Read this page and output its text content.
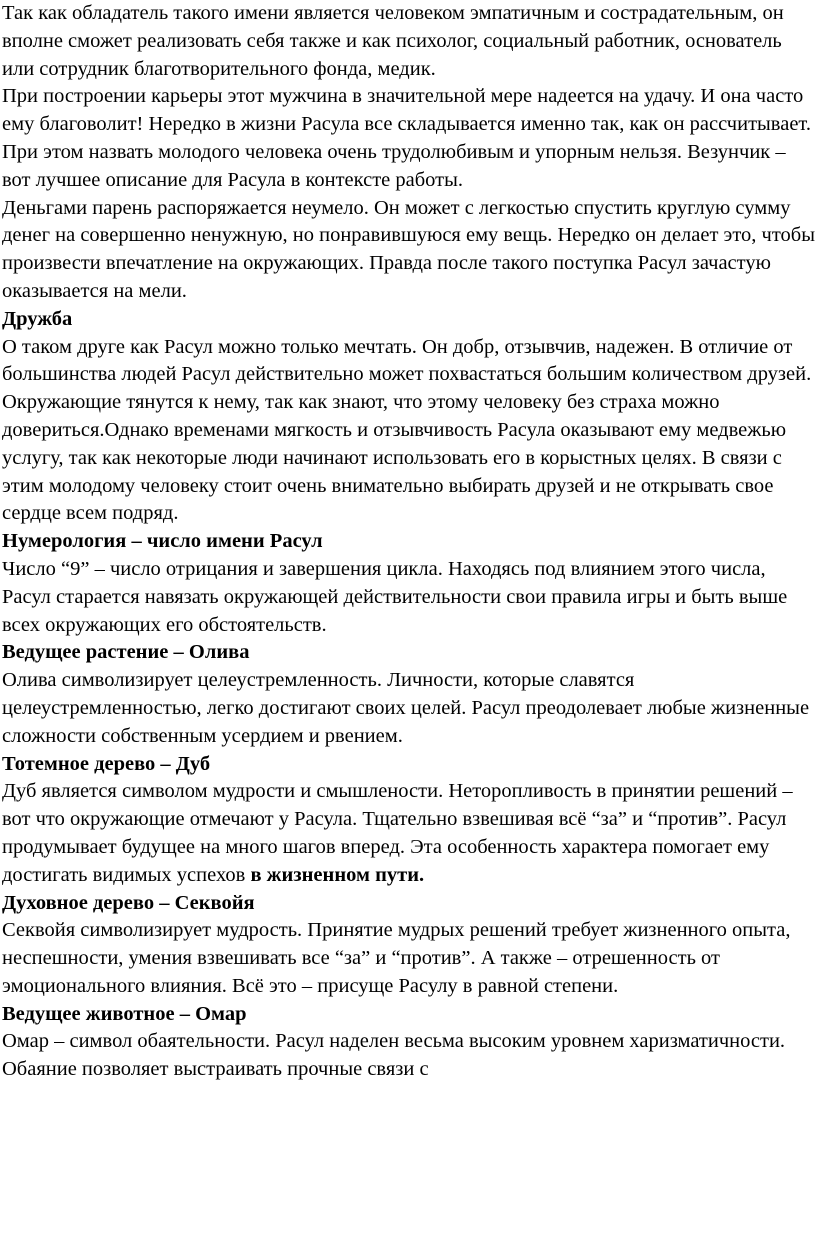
Так как обладатель такого имени является человеком эмпатичным и сострадательным, он вполне сможет реализовать себя также и как психолог, социальный работник, основатель или сотрудник благотворительного фонда, медик.

При построении карьеры этот мужчина в значительной мере надеется на удачу. И она часто ему благоволит! Нередко в жизни Расула все складывается именно так, как он рассчитывает. При этом назвать молодого человека очень трудолюбивым и упорным нельзя. Везунчик – вот лучшее описание для Расула в контексте работы.

Деньгами парень распоряжается неумело. Он может с легкостью спустить круглую сумму денег на совершенно ненужную, но понравившуюся ему вещь. Нередко он делает это, чтобы произвести впечатление на окружающих. Правда после такого поступка Расул зачастую оказывается на мели.

Дружба

О таком друге как Расул можно только мечтать. Он добр, отзывчив, надежен. В отличие от большинства людей Расул действительно может похвастаться большим количеством друзей. Окружающие тянутся к нему, так как знают, что этому человеку без страха можно довериться.Однако временами мягкость и отзывчивость Расула оказывают ему медвежью услугу, так как некоторые люди начинают использовать его в корыстных целях. В связи с этим молодому человеку стоит очень внимательно выбирать друзей и не открывать свое сердце всем подряд.

Нумерология – число имени Расул

Число “9” – число отрицания и завершения цикла. Находясь под влиянием этого числа, Расул старается навязать окружающей действительности свои правила игры и быть выше всех окружающих его обстоятельств.

Ведущее растение – Олива

Олива символизирует целеустремленность. Личности, которые славятся целеустремленностью, легко достигают своих целей. Расул преодолевает любые жизненные сложности собственным усердием и рвением.

Тотемное дерево – Дуб

Дуб является символом мудрости и смышлености. Неторопливость в принятии решений – вот что окружающие отмечают у Расула. Тщательно взвешивая всё “за” и “против”. Расул продумывает будущее на много шагов вперед. Эта особенность характера помогает ему достигать видимых успехов в жизненном пути.

Духовное дерево – Секвойя

Секвойя символизирует мудрость. Принятие мудрых решений требует жизненного опыта, неспешности, умения взвешивать все “за” и “против”. А также – отрешенность от эмоционального влияния. Всё это – присуще Расулу в равной степени.

Ведущее животное – Омар

Омар – символ обаятельности. Расул наделен весьма высоким уровнем харизматичности. Обаяние позволяет выстраивать прочные связи с
